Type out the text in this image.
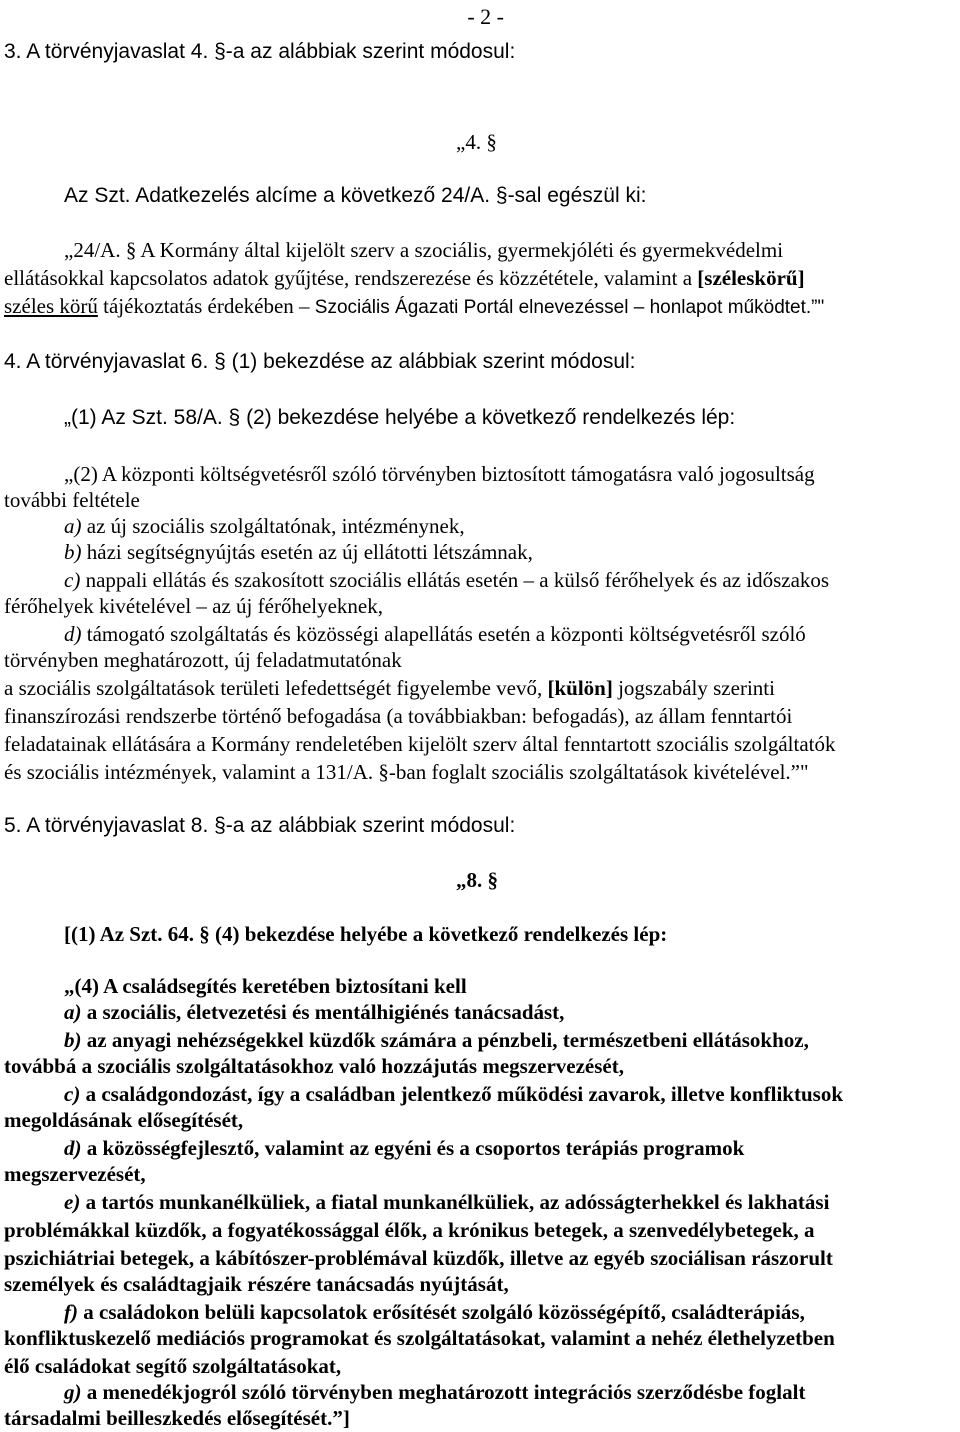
- 2 -
3. A törvényjavaslat 4. §-a az alábbiak szerint módosul:
„4. §
Az Szt. Adatkezelés alcíme a következő 24/A. §-sal egészül ki:
„24/A. § A Kormány által kijelölt szerv a szociális, gyermekjóléti és gyermekvédelmi
ellátásokkal kapcsolatos adatok gyűjtése, rendszerezése és közzététele, valamint a [széleskörű]
széles körű tájékoztatás érdekében – Szociális Ágazati Portál elnevezéssel – honlapot működtet.”"
4. A törvényjavaslat 6. § (1) bekezdése az alábbiak szerint módosul:
„(1) Az Szt. 58/A. § (2) bekezdése helyébe a következő rendelkezés lép:
„(2) A központi költségvetésről szóló törvényben biztosított támogatásra való jogosultság
további feltétele
a) az új szociális szolgáltatónak, intézménynek,
b) házi segítségnyújtás esetén az új ellátotti létszámnak,
c) nappali ellátás és szakosított szociális ellátás esetén – a külső férőhelyek és az időszakos
férőhelyek kivételével – az új férőhelyeknek,
d) támogató szolgáltatás és közösségi alapellátás esetén a központi költségvetésről szóló
törvényben meghatározott, új feladatmutatónak
a szociális szolgáltatások területi lefedettségét figyelembe vevő, [külön] jogszabály szerinti
finanszírozási rendszerbe történő befogadása (a továbbiakban: befogadás), az állam fenntartói
feladatainak ellátására a Kormány rendeletében kijelölt szerv által fenntartott szociális szolgáltatók
és szociális intézmények, valamint a 131/A. §-ban foglalt szociális szolgáltatások kivételével.”"
5. A törvényjavaslat 8. §-a az alábbiak szerint módosul:
„8. §
[(1) Az Szt. 64. § (4) bekezdése helyébe a következő rendelkezés lép:
„(4) A családsegítés keretében biztosítani kell
a) a szociális, életvezetési és mentálhigiénés tanácsadást,
b) az anyagi nehézségekkel küzdők számára a pénzbeli, természetbeni ellátásokhoz,
továbbá a szociális szolgáltatásokhoz való hozzájutás megszervezését,
c) a családgondozást, így a családban jelentkező működési zavarok, illetve konfliktusok
megoldásának elősegítését,
d) a közösségfejlesztő, valamint az egyéni és a csoportos terápiás programok
megszervezését,
e) a tartós munkanélküliek, a fiatal munkanélküliek, az adósságterhekkel és lakhatási
problémákkal küzdők, a fogyatékossággal élők, a krónikus betegek, a szenvedélybetegek, a
pszichiátriai betegek, a kábítószer-problémával küzdők, illetve az egyéb szociálisan rászorult
személyek és családtagjaik részére tanácsadás nyújtását,
f) a családokon belüli kapcsolatok erősítését szolgáló közösségépítő, családterápiás,
konfliktuskezelő mediációs programokat és szolgáltatásokat, valamint a nehéz élethelyzetben
élő családokat segítő szolgáltatásokat,
g) a menedékjogról szóló törvényben meghatározott integrációs szerződésbe foglalt
társadalmi beilleszkedés elősegítését.”]
